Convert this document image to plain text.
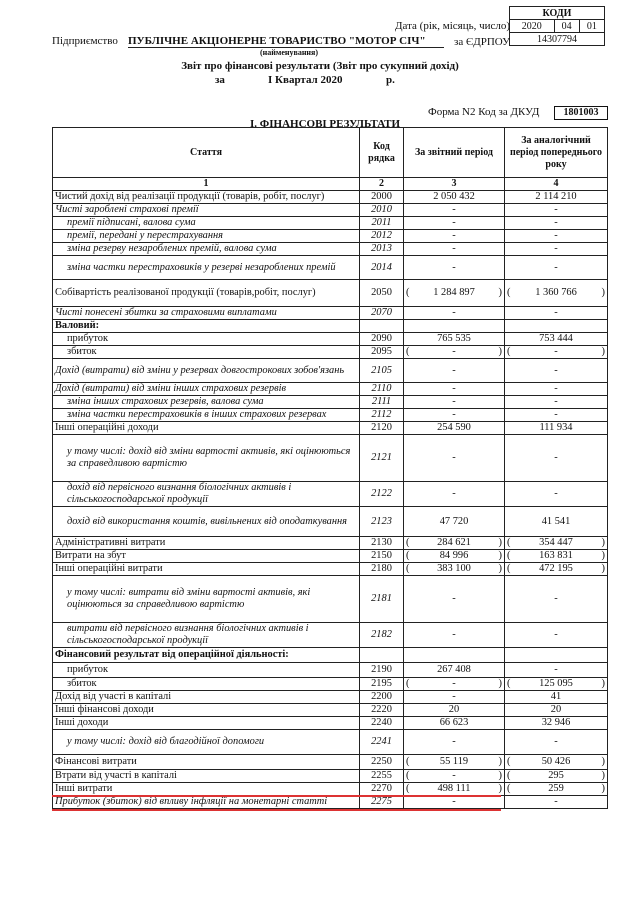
КОДИ
2020	04	01
14307794
Дата (рік, місяць, число)
Підприємство ПУБЛІЧНЕ АКЦІОНЕРНЕ ТОВАРИСТВО "МОТОР СІЧ"	за ЄДРПОУ
(найменування)
Звіт про фінансові результати (Звіт про сукупний дохід)
за	І Квартал 2020	р.
Форма N2 Код за ДКУД	1801003
І. ФІНАНСОВІ РЕЗУЛЬТАТИ
Стаття	Код рядка	За звітний період	За аналогічний період попереднього року
1	2	3	4
Чистий дохід від реалізації продукції (товарів, робіт, послуг)	2000	2 050 432	2 114 210
Чисті зароблені страхові премії	2010	-	-
премії підписані, валова сума	2011	-	-
премії, передані у перестрахування	2012	-	-
зміна резерву незароблених премій, валова сума	2013	-	-
зміна частки перестраховиків у резерві незароблених премій	2014	-	-
Собівартість реалізованої продукції (товарів,робіт, послуг)	2050	( 1 284 897 )	( 1 360 766 )

Чисті понесені збитки за страховими виплатами	2070	-	-
Валовий:			
прибуток	2090	765 535	753 444
збиток	2095	( - )	( - )

Дохід (витрати) від зміни у резервах довгострокових зобов'язань	2105	-	-
Дохід (витрати) від зміни інших страхових резервів	2110	-	-
зміна інших страхових резервів, валова сума	2111	-	-
зміна частки перестраховиків в інших страхових резервах	2112	-	-
Інші операційні доходи	2120	254 590	111 934
у тому числі: дохід від зміни вартості активів, які оцінюються за справедливою вартістю	2121	-	-
дохід від первісного визнання біологічних активів і сільськогосподарської продукції	2122	-	-
дохід від використання коштів, вивільнених від оподаткування	2123	47 720	41 541
Адміністративні витрати	2130	( 284 621 )	( 354 447 )

Витрати на збут	2150	( 84 996 )	( 163 831 )

Інші операційні витрати	2180	( 383 100 )	( 472 195 )

у тому числі: витрати від зміни вартості активів, які оцінюються за справедливою вартістю	2181	-	-
витрати від первісного визнання біологічних активів і сільськогосподарської продукції	2182	-	-
Фінансовий результат від операційної діяльності:			
прибуток	2190	267 408	-
збиток	2195	( - )	( 125 095 )

Дохід від участі в капіталі	2200	-	41
Інші фінансові доходи	2220	20	20
Інші доходи	2240	66 623	32 946
у тому числі: дохід від благодійної допомоги	2241	-	-
Фінансові витрати	2250	( 55 119 )	( 50 426 )

Втрати від участі в капіталі	2255	( - )	( 295 )

Інші витрати	2270	( 498 111 )	( 259 )

Прибуток (збиток) від впливу інфляції на монетарні статті	2275	-	-
